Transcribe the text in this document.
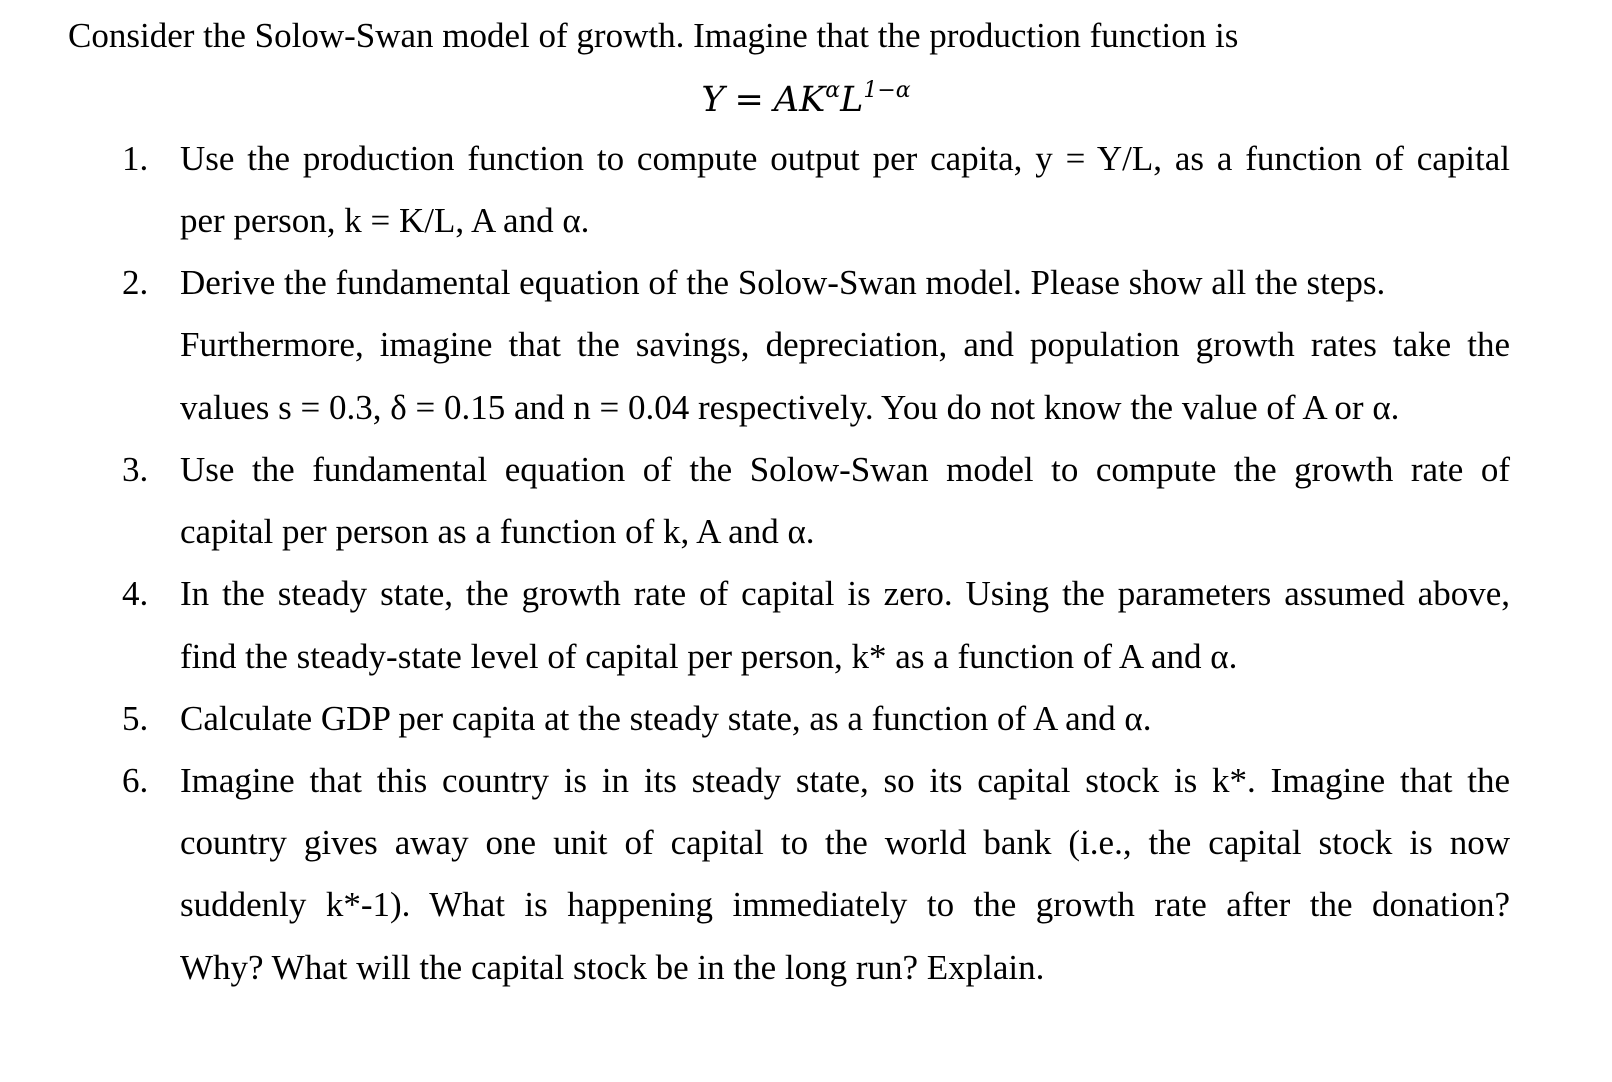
Consider the Solow-Swan model of growth. Imagine that the production function is
$Y = AK^\alpha L^{1-\alpha}$
1. Use the production function to compute output per capita, y = Y/L, as a function of capital
per person, k = K/L, A and α.
2. Derive the fundamental equation of the Solow-Swan model. Please show all the steps.
Furthermore, imagine that the savings, depreciation, and population growth rates take the
values s = 0.3, δ = 0.15 and n = 0.04 respectively. You do not know the value of A or α.
3. Use the fundamental equation of the Solow-Swan model to compute the growth rate of
capital per person as a function of k, A and α.
4. In the steady state, the growth rate of capital is zero. Using the parameters assumed above,
find the steady-state level of capital per person, k* as a function of A and α.
5. Calculate GDP per capita at the steady state, as a function of A and α.
6. Imagine that this country is in its steady state, so its capital stock is k*. Imagine that the
country gives away one unit of capital to the world bank (i.e., the capital stock is now
suddenly k*-1). What is happening immediately to the growth rate after the donation?
Why? What will the capital stock be in the long run? Explain.
